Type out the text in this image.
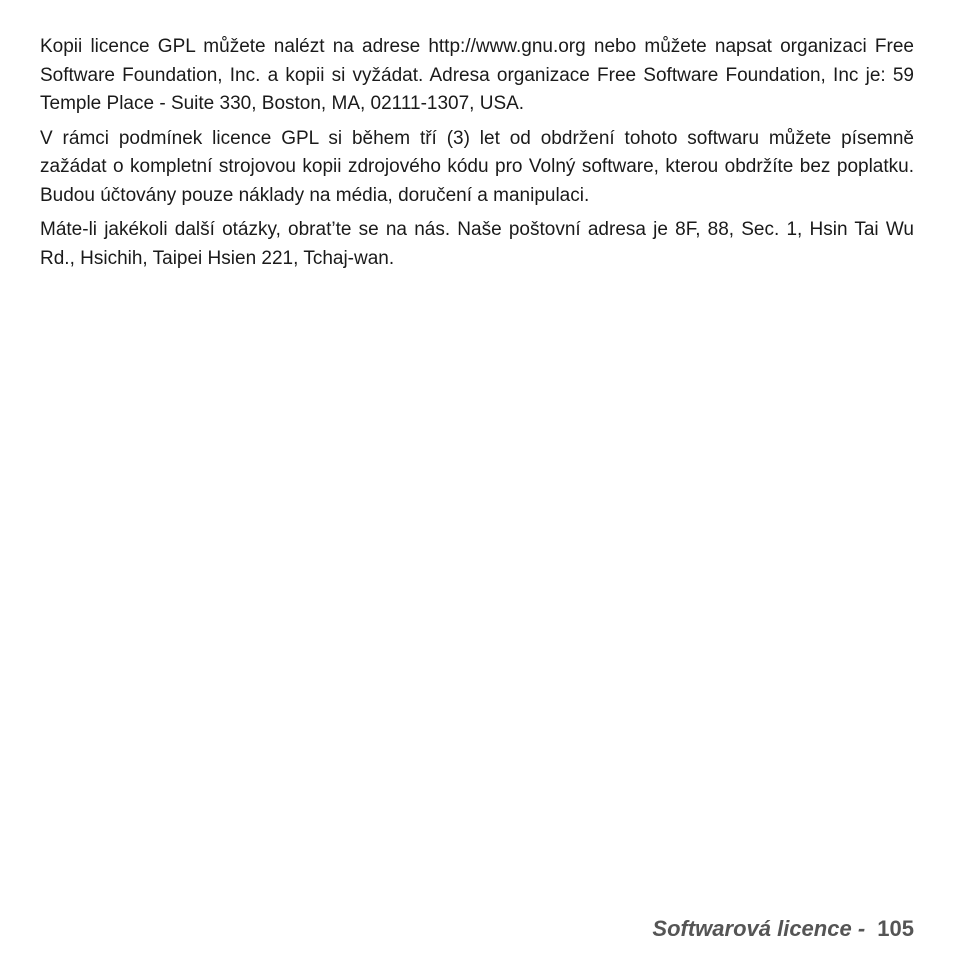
Kopii licence GPL můžete nalézt na adrese http://www.gnu.org nebo můžete napsat organizaci Free Software Foundation, Inc. a kopii si vyžádat. Adresa organizace Free Software Foundation, Inc je: 59 Temple Place - Suite 330, Boston, MA, 02111-1307, USA.

V rámci podmínek licence GPL si během tří (3) let od obdržení tohoto softwaru můžete písemně zažádat o kompletní strojovou kopii zdrojového kódu pro Volný software, kterou obdržíte bez poplatku. Budou účtovány pouze náklady na média, doručení a manipulaci.

Máte-li jakékoli další otázky, obrat’te se na nás. Naše poštovní adresa je 8F, 88, Sec. 1, Hsin Tai Wu Rd., Hsichih, Taipei Hsien 221, Tchaj-wan.

Softwarová licence - 105
